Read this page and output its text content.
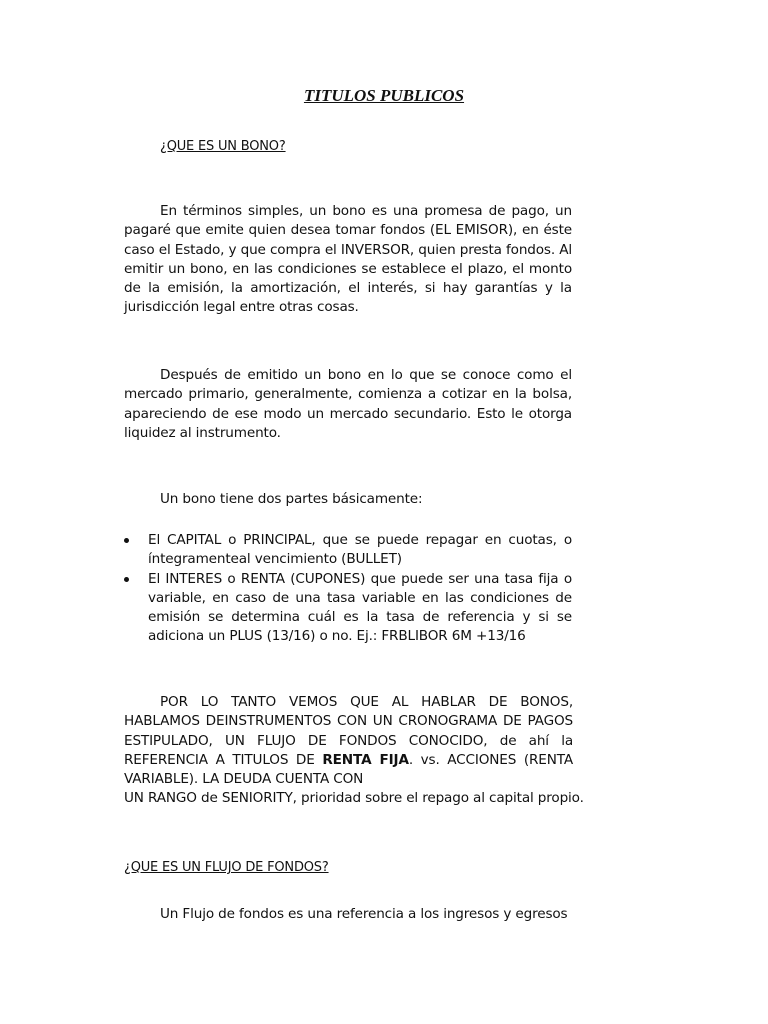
TITULOS PUBLICOS
¿QUE ES UN BONO?
En términos simples, un bono es una promesa de pago, un pagaré que emite quien desea tomar fondos (EL EMISOR), en éste caso el Estado, y que compra el INVERSOR, quien presta fondos. Al emitir un bono, en las condiciones se establece el plazo, el monto de la emisión, la amortización, el interés, si hay garantías y la jurisdicción legal entre otras cosas.
Después de emitido un bono en lo que se conoce como el mercado primario, generalmente, comienza a cotizar en la bolsa, apareciendo de ese modo un mercado secundario. Esto le otorga liquidez al instrumento.
Un bono tiene dos partes básicamente:
El CAPITAL o PRINCIPAL, que se puede repagar en cuotas, o íntegramenteal vencimiento (BULLET)
El INTERES o RENTA (CUPONES) que puede ser una tasa fija o variable, en caso de una tasa variable en las condiciones de emisión se determina cuál es la tasa de referencia y si se adiciona un PLUS (13/16) o no. Ej.: FRBLIBOR 6M +13/16
POR LO TANTO VEMOS QUE AL HABLAR DE BONOS, HABLAMOS DEINSTRUMENTOS CON UN CRONOGRAMA DE PAGOS ESTIPULADO, UN FLUJO DE FONDOS CONOCIDO, de ahí la REFERENCIA A TITULOS DE RENTA FIJA. vs. ACCIONES (RENTA VARIABLE). LA DEUDA CUENTA CON
UN RANGO de SENIORITY, prioridad sobre el repago al capital propio.
¿QUE ES UN FLUJO DE FONDOS?
Un Flujo de fondos es una referencia a los ingresos y egresos
